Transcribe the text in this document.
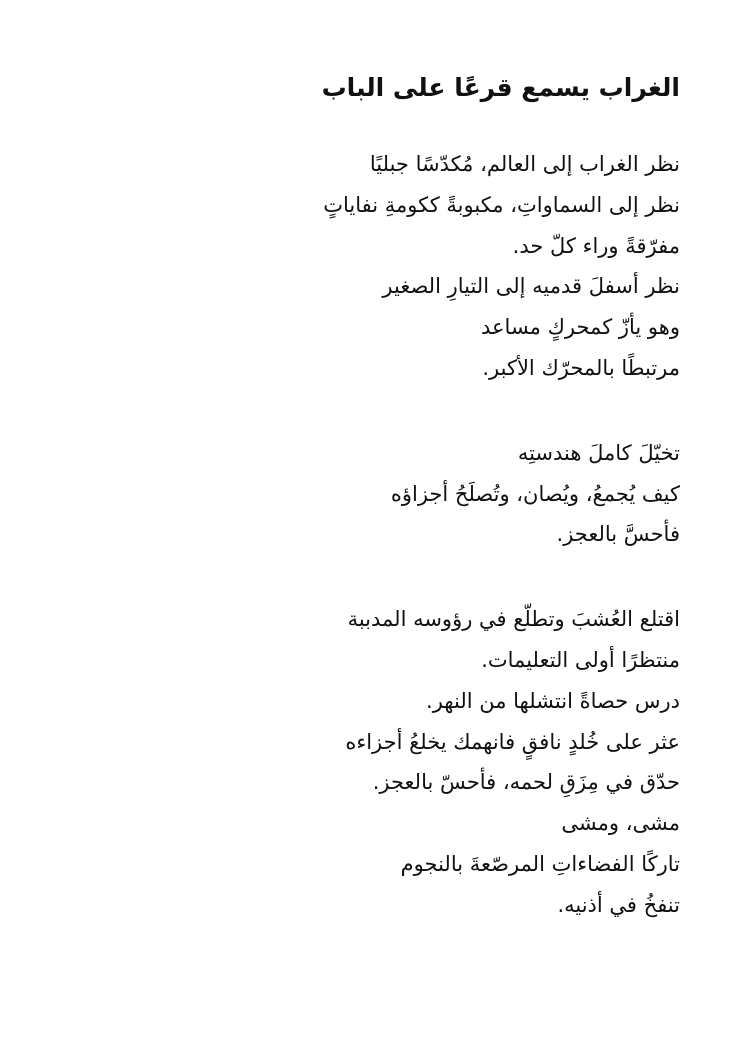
الغراب يسمع قرعًا على الباب
نظر الغراب إلى العالم، مُكدّسًا جبليًا
نظر إلى السماواتِ، مكبوبةً ككومةِ نفاياتٍ
مفرّقةً وراء كلّ حد.
نظر أسفلَ قدميه إلى التيارِ الصغير
وهو يأزّ كمحركٍ مساعد
مرتبطًا بالمحرّك الأكبر.
تخيّلَ كاملَ هندستِه
كيف يُجمعُ، ويُصان، وتُصلَحُ أجزاؤه
فأحسَّ بالعجز.
اقتلع العُشبَ وتطلّع في رؤوسه المدببة
منتظرًا أولى التعليمات.
درس حصاةً انتشلها من النهر.
عثر على خُلدٍ نافقٍ فانهمك يخلعُ أجزاءه
حدّق في مِزَقِ لحمه، فأحسّ بالعجز.
مشى، ومشى
تاركًا الفضاءاتِ المرصّعةَ بالنجوم
تنفخُ في أذنيه.
